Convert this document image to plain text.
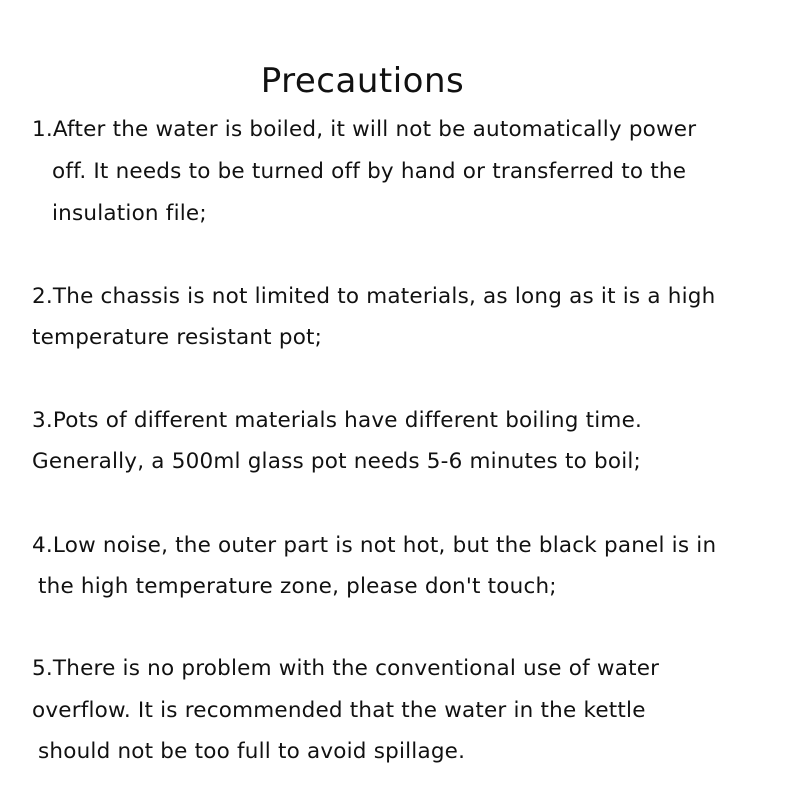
Precautions
1.After the water is boiled, it will not be automatically power
off. It needs to be turned off by hand or transferred to the
insulation file;
2.The chassis is not limited to materials, as long as it is a high
temperature resistant pot;
3.Pots of different materials have different boiling time.
Generally, a 500ml glass pot needs 5-6 minutes to boil;
4.Low noise, the outer part is not hot, but the black panel is in
the high temperature zone, please don't touch;
5.There is no problem with the conventional use of water
overflow. It is recommended that the water in the kettle
should not be too full to avoid spillage.
